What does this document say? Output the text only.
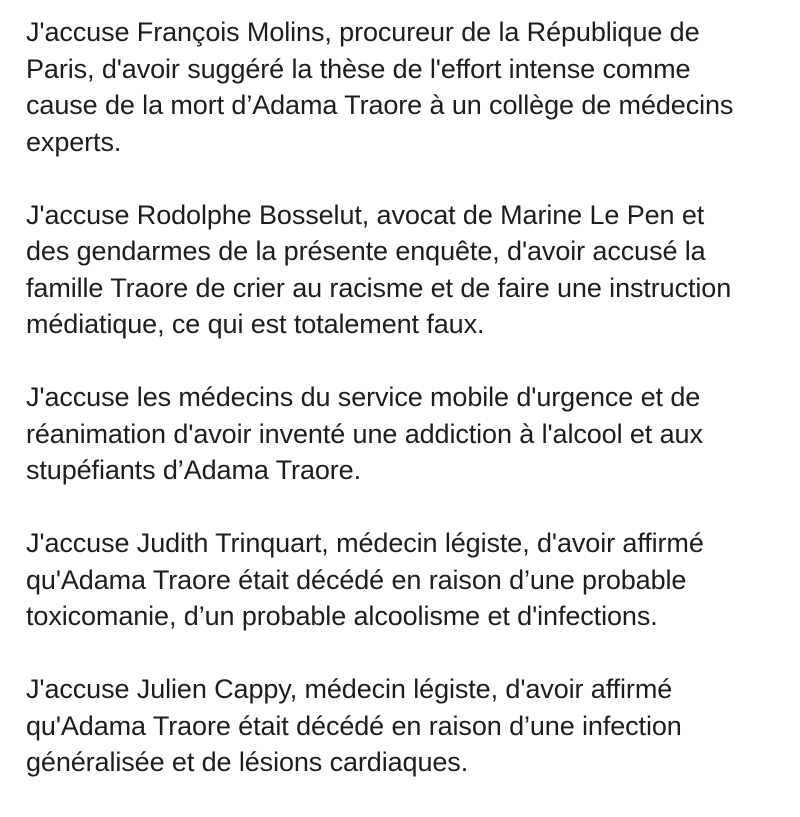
J'accuse François Molins, procureur de la République de
Paris, d'avoir suggéré la thèse de l'effort intense comme
cause de la mort d’Adama Traore à un collège de médecins
experts.

J'accuse Rodolphe Bosselut, avocat de Marine Le Pen et
des gendarmes de la présente enquête, d'avoir accusé la
famille Traore de crier au racisme et de faire une instruction
médiatique, ce qui est totalement faux.

J'accuse les médecins du service mobile d'urgence et de
réanimation d'avoir inventé une addiction à l'alcool et aux
stupéfiants d’Adama Traore.

J'accuse Judith Trinquart, médecin légiste, d'avoir affirmé
qu'Adama Traore était décédé en raison d’une probable
toxicomanie, d’un probable alcoolisme et d'infections.

J'accuse Julien Cappy, médecin légiste, d'avoir affirmé
qu'Adama Traore était décédé en raison d’une infection
généralisée et de lésions cardiaques.
